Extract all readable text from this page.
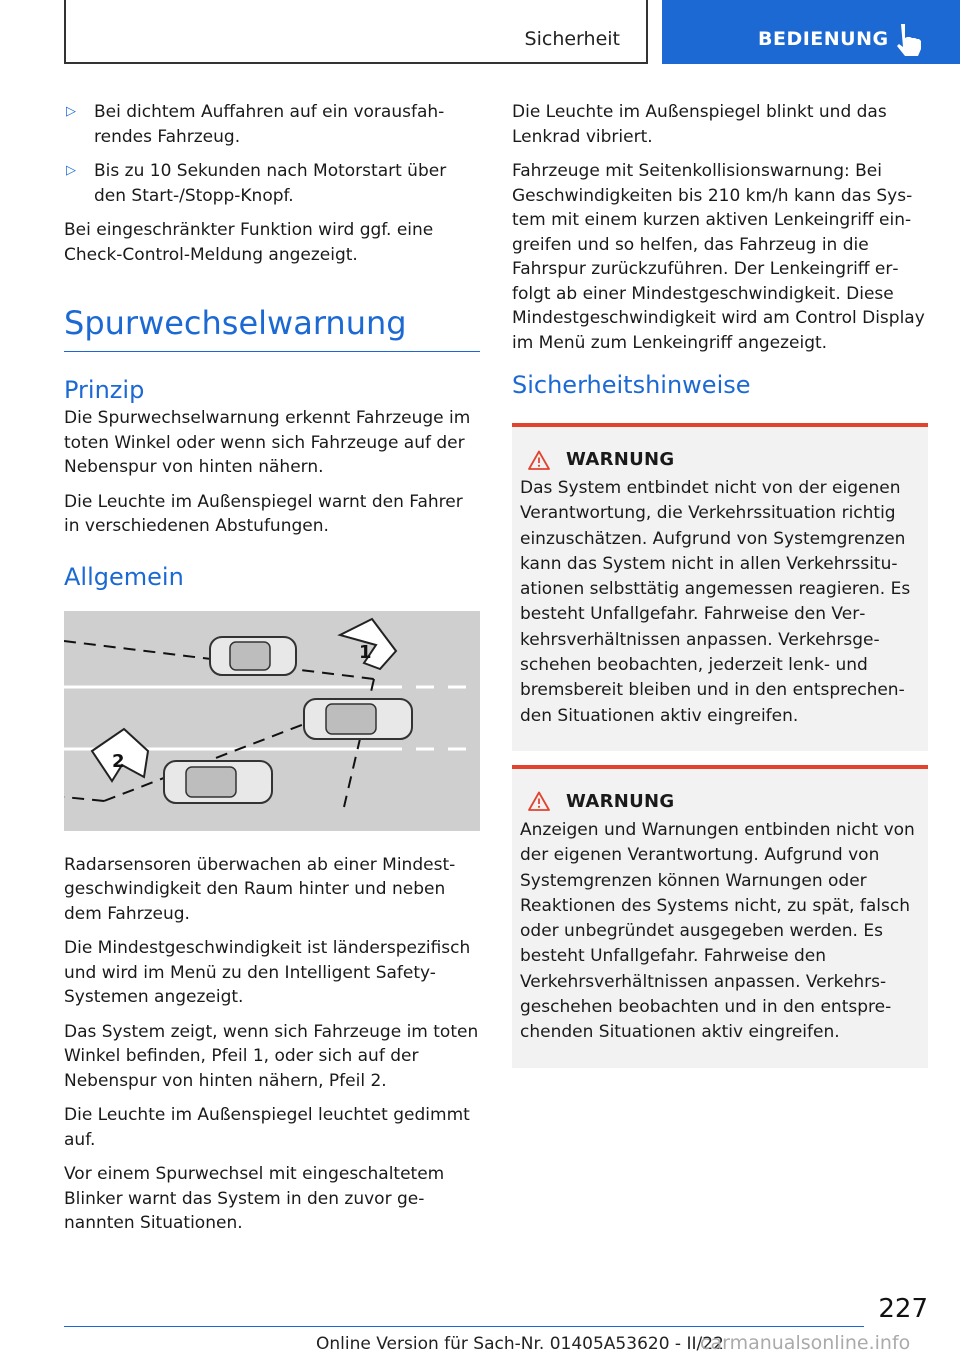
Sicherheit	BEDIENUNG

▷ Bei dichtem Auffahren auf ein vorausfahrendes Fahrzeug.

▷ Bis zu 10 Sekunden nach Motorstart über den Start-/Stopp-Knopf.

Bei eingeschränkter Funktion wird ggf. eine Check-Control-Meldung angezeigt.

Spurwechselwarnung
Prinzip

Die Spurwechselwarnung erkennt Fahrzeuge im toten Winkel oder wenn sich Fahrzeuge auf der Nebenspur von hinten nähern.

Die Leuchte im Außenspiegel warnt den Fahrer in verschiedenen Abstufungen.

Allgemein
1
2

Radarsensoren überwachen ab einer Mindestgeschwindigkeit den Raum hinter und neben dem Fahrzeug.

Die Mindestgeschwindigkeit ist länderspezifisch und wird im Menü zu den Intelligent Safety-Systemen angezeigt.

Das System zeigt, wenn sich Fahrzeuge im toten Winkel befinden, Pfeil 1, oder sich auf der Nebenspur von hinten nähern, Pfeil 2.

Die Leuchte im Außenspiegel leuchtet gedimmt auf.

Vor einem Spurwechsel mit eingeschaltetem Blinker warnt das System in den zuvor genannten Situationen.

Die Leuchte im Außenspiegel blinkt und das Lenkrad vibriert.

Fahrzeuge mit Seitenkollisionswarnung: Bei Geschwindigkeiten bis 210 km/h kann das System mit einem kurzen aktiven Lenkeingriff eingreifen und so helfen, das Fahrzeug in die Fahrspur zurückzuführen. Der Lenkeingriff erfolgt ab einer Mindestgeschwindigkeit. Diese Mindestgeschwindigkeit wird am Control Display im Menü zum Lenkeingriff angezeigt.

Sicherheitshinweise
WARNUNG

Das System entbindet nicht von der eigenen Verantwortung, die Verkehrssituation richtig einzuschätzen. Aufgrund von Systemgrenzen kann das System nicht in allen Verkehrssituationen selbsttätig angemessen reagieren. Es besteht Unfallgefahr. Fahrweise den Verkehrsverhältnissen anpassen. Verkehrsgeschehen beobachten, jederzeit lenk- und bremsbereit bleiben und in den entsprechenden Situationen aktiv eingreifen.

WARNUNG

Anzeigen und Warnungen entbinden nicht von der eigenen Verantwortung. Aufgrund von Systemgrenzen können Warnungen oder Reaktionen des Systems nicht, zu spät, falsch oder unbegründet ausgegeben werden. Es besteht Unfallgefahr. Fahrweise den Verkehrsverhältnissen anpassen. Verkehrsgeschehen beobachten und in den entsprechenden Situationen aktiv eingreifen.

227
Online Version für Sach-Nr. 01405A53620 - II/22
carmanualsonline.info
